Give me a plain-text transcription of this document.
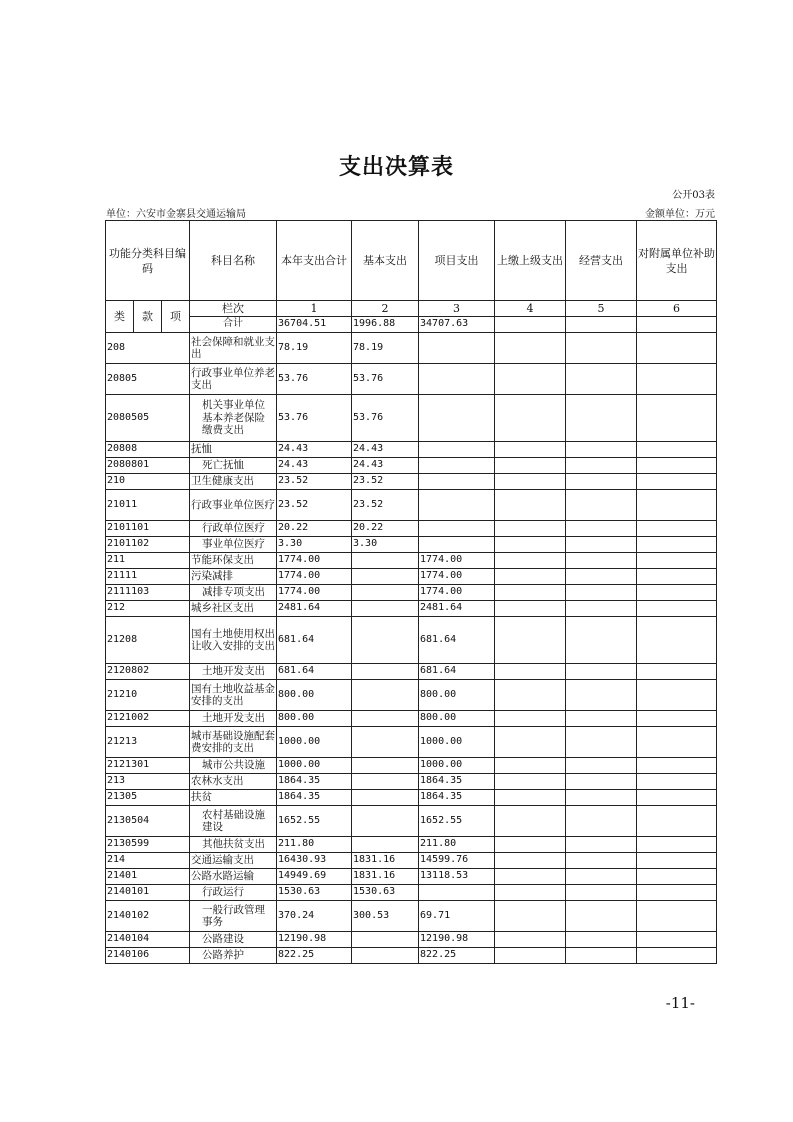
支出决算表
公开03表
单位：六安市金寨县交通运输局	金额单位：万元
功能分类科目编码			科目名称	本年支出合计	基本支出	项目支出	上缴上级支出	经营支出	对附属单位补助支出
类	款	项	栏次	1	2	3	4	5	6
			合计	36704.51	1996.88	34707.63			
208			社会保障和就业支出	78.19	78.19				
20805			行政事业单位养老支出	53.76	53.76				
2080505			机关事业单位基本养老保险缴费支出	53.76	53.76				
20808			抚恤	24.43	24.43				
2080801			死亡抚恤	24.43	24.43				
210			卫生健康支出	23.52	23.52				
21011			行政事业单位医疗	23.52	23.52				
2101101			行政单位医疗	20.22	20.22				
2101102			事业单位医疗	3.30	3.30				
211			节能环保支出	1774.00		1774.00			
21111			污染减排	1774.00		1774.00			
2111103			减排专项支出	1774.00		1774.00			
212			城乡社区支出	2481.64		2481.64			
21208			国有土地使用权出让收入安排的支出	681.64		681.64			
2120802			土地开发支出	681.64		681.64			
21210			国有土地收益基金安排的支出	800.00		800.00			
2121002			土地开发支出	800.00		800.00			
21213			城市基础设施配套费安排的支出	1000.00		1000.00			
2121301			城市公共设施	1000.00		1000.00			
213			农林水支出	1864.35		1864.35			
21305			扶贫	1864.35		1864.35			
2130504			农村基础设施建设	1652.55		1652.55			
2130599			其他扶贫支出	211.80		211.80			
214			交通运输支出	16430.93	1831.16	14599.76			
21401			公路水路运输	14949.69	1831.16	13118.53			
2140101			行政运行	1530.63	1530.63				
2140102			一般行政管理事务	370.24	300.53	69.71			
2140104			公路建设	12190.98		12190.98			
2140106			公路养护	822.25		822.25			
-11-
